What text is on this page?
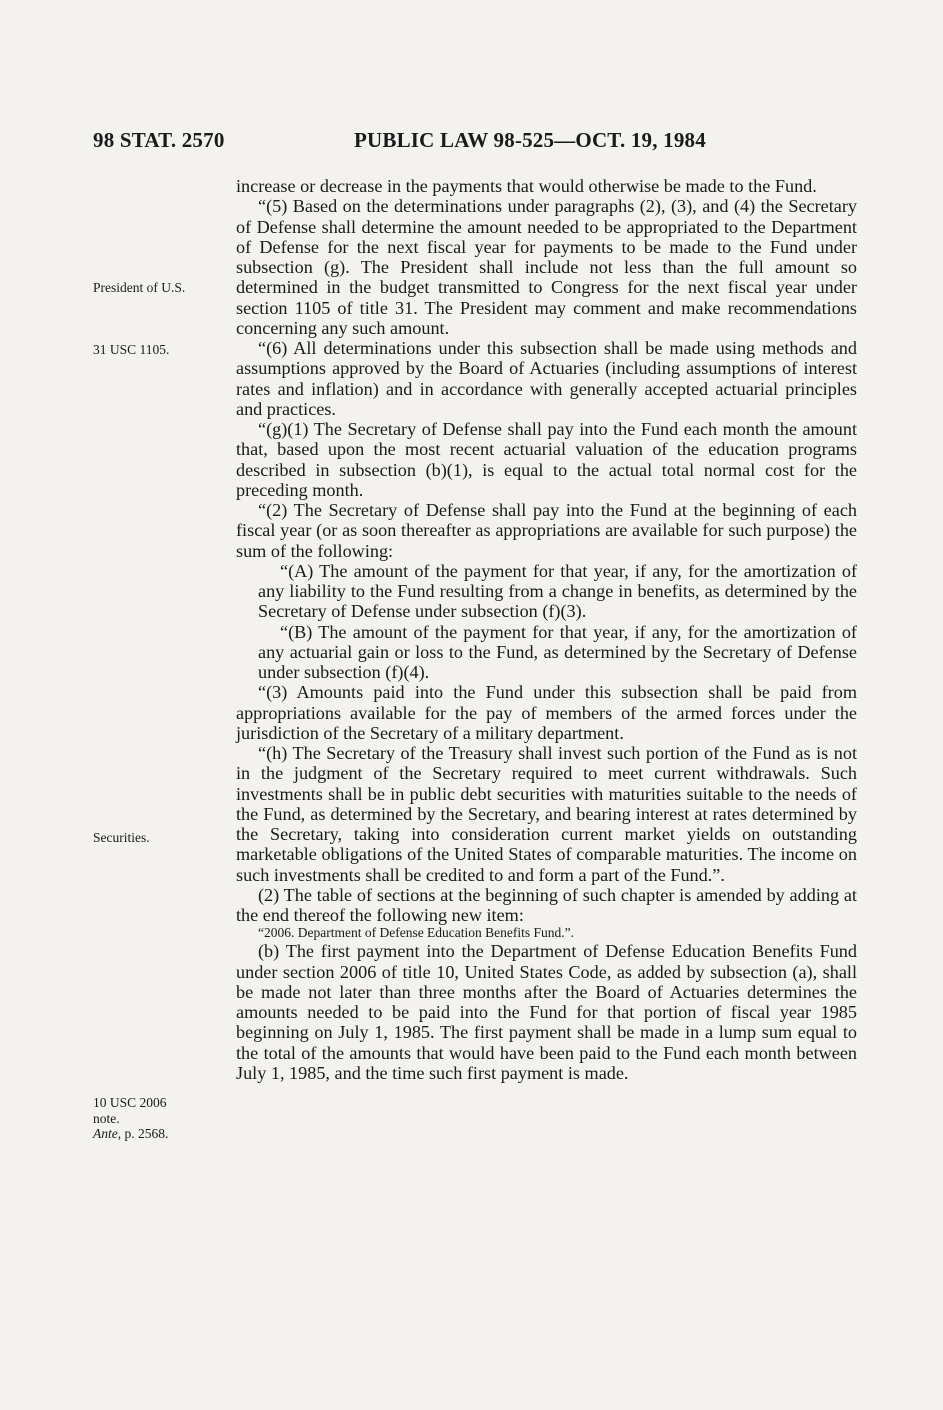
98 STAT. 2570	PUBLIC LAW 98-525—OCT. 19, 1984
President of U.S.
31 USC 1105.
Securities.
10 USC 2006
note.
Ante, p. 2568.

increase or decrease in the payments that would otherwise be made to the Fund.

“(5) Based on the determinations under paragraphs (2), (3), and (4) the Secretary of Defense shall determine the amount needed to be appropriated to the Department of Defense for the next fiscal year for payments to be made to the Fund under subsection (g). The President shall include not less than the full amount so determined in the budget transmitted to Congress for the next fiscal year under section 1105 of title 31. The President may comment and make recommendations concerning any such amount.

“(6) All determinations under this subsection shall be made using methods and assumptions approved by the Board of Actuaries (including assumptions of interest rates and inflation) and in accordance with generally accepted actuarial principles and practices.

“(g)(1) The Secretary of Defense shall pay into the Fund each month the amount that, based upon the most recent actuarial valuation of the education programs described in subsection (b)(1), is equal to the actual total normal cost for the preceding month.

“(2) The Secretary of Defense shall pay into the Fund at the beginning of each fiscal year (or as soon thereafter as appropriations are available for such purpose) the sum of the following:

“(A) The amount of the payment for that year, if any, for the amortization of any liability to the Fund resulting from a change in benefits, as determined by the Secretary of Defense under subsection (f)(3).

“(B) The amount of the payment for that year, if any, for the amortization of any actuarial gain or loss to the Fund, as determined by the Secretary of Defense under subsection (f)(4).

“(3) Amounts paid into the Fund under this subsection shall be paid from appropriations available for the pay of members of the armed forces under the jurisdiction of the Secretary of a military department.

“(h) The Secretary of the Treasury shall invest such portion of the Fund as is not in the judgment of the Secretary required to meet current withdrawals. Such investments shall be in public debt securities with maturities suitable to the needs of the Fund, as determined by the Secretary, and bearing interest at rates determined by the Secretary, taking into consideration current market yields on outstanding marketable obligations of the United States of comparable maturities. The income on such investments shall be credited to and form a part of the Fund.”.

(2) The table of sections at the beginning of such chapter is amended by adding at the end thereof the following new item:

“2006. Department of Defense Education Benefits Fund.”.

(b) The first payment into the Department of Defense Education Benefits Fund under section 2006 of title 10, United States Code, as added by subsection (a), shall be made not later than three months after the Board of Actuaries determines the amounts needed to be paid into the Fund for that portion of fiscal year 1985 beginning on July 1, 1985. The first payment shall be made in a lump sum equal to the total of the amounts that would have been paid to the Fund each month between July 1, 1985, and the time such first payment is made.
